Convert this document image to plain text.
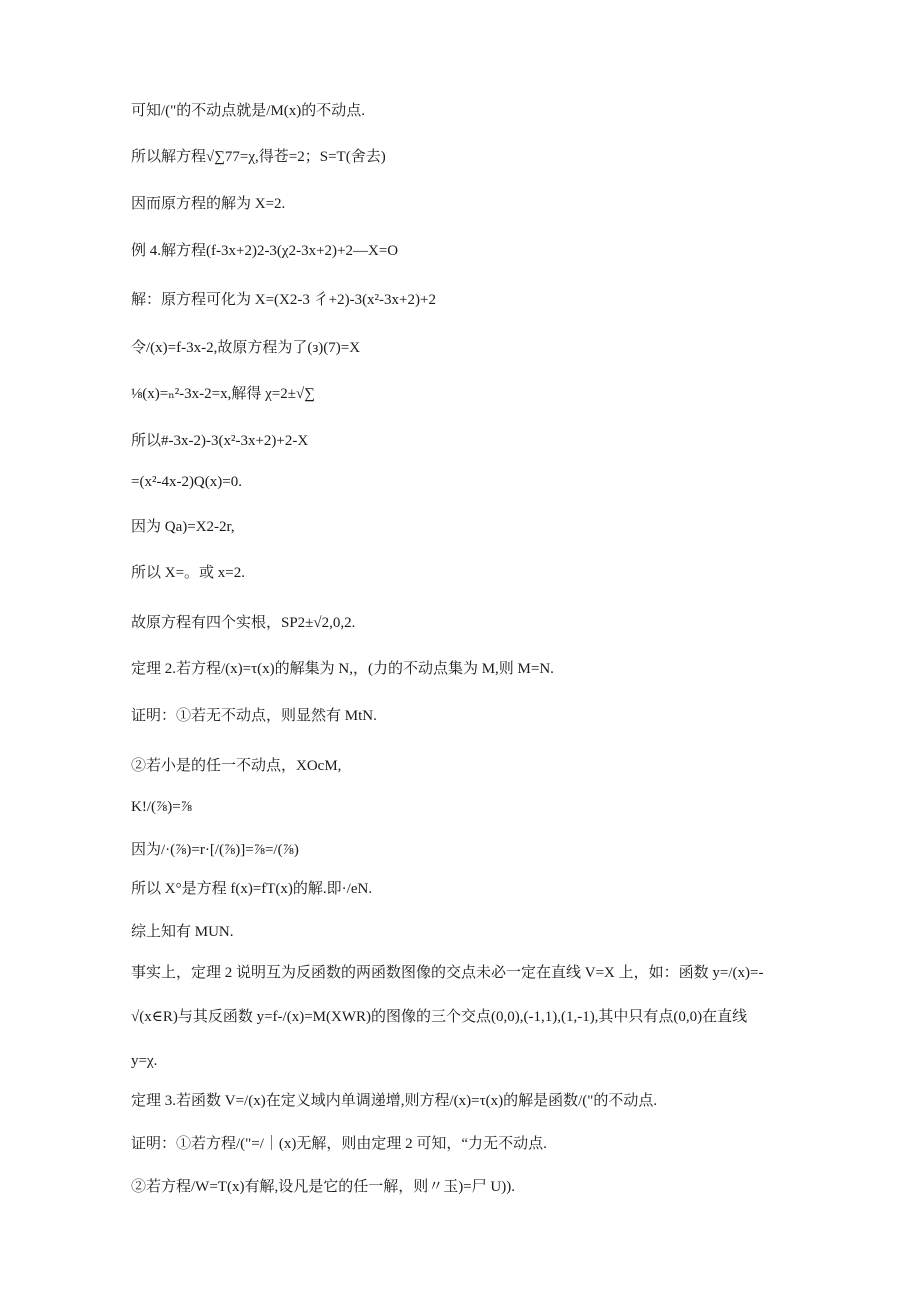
可知/("的不动点就是/M(x)的不动点.
所以解方程√∑77=χ,得苍=2；S=T(舍去)
因而原方程的解为 X=2.
例 4.解方程(f-3x+2)2-3(χ2-3x+2)+2—X=O
解：原方程可化为 X=(X2-3 彳+2)-3(x²-3x+2)+2
令/(x)=f-3x-2,故原方程为了(з)(7)=X
⅛(x)=ₙ²-3x-2=x,解得 χ=2±√∑
所以#-3x-2)-3(x²-3x+2)+2-X
=(x²-4x-2)Q(x)=0.
因为 Qa)=X2-2r,
所以 X=。或 x=2.
故原方程有四个实根，SP2±√2,0,2.
定理 2.若方程/(x)=τ(x)的解集为 N,，(力的不动点集为 M,则 M=N.
证明：①若无不动点，则显然有 MtN.
②若小是的任一不动点，XOcM,
K!/(⅞)=⅞
因为/·(⅞)=r·[/(⅞)]=⅞=/(⅞)
所以 X°是方程 f(x)=fT(x)的解.即·/eN.
综上知有 MUN.
事实上，定理 2 说明互为反函数的两函数图像的交点未必一定在直线 V=X 上，如：函数 y=/(x)=-
√(x∈R)与其反函数 y=f-/(x)=M(XWR)的图像的三个交点(0,0),(-1,1),(1,-1),其中只有点(0,0)在直线
y=χ.
定理 3.若函数 V=/(x)在定义域内单调递增,则方程/(x)=τ(x)的解是函数/("的不动点.
证明：①若方程/("=/｜(x)无解，则由定理 2 可知，“力无不动点.
②若方程/W=T(x)有解,设凡是它的任一解，则〃玉)=尸 U)).
